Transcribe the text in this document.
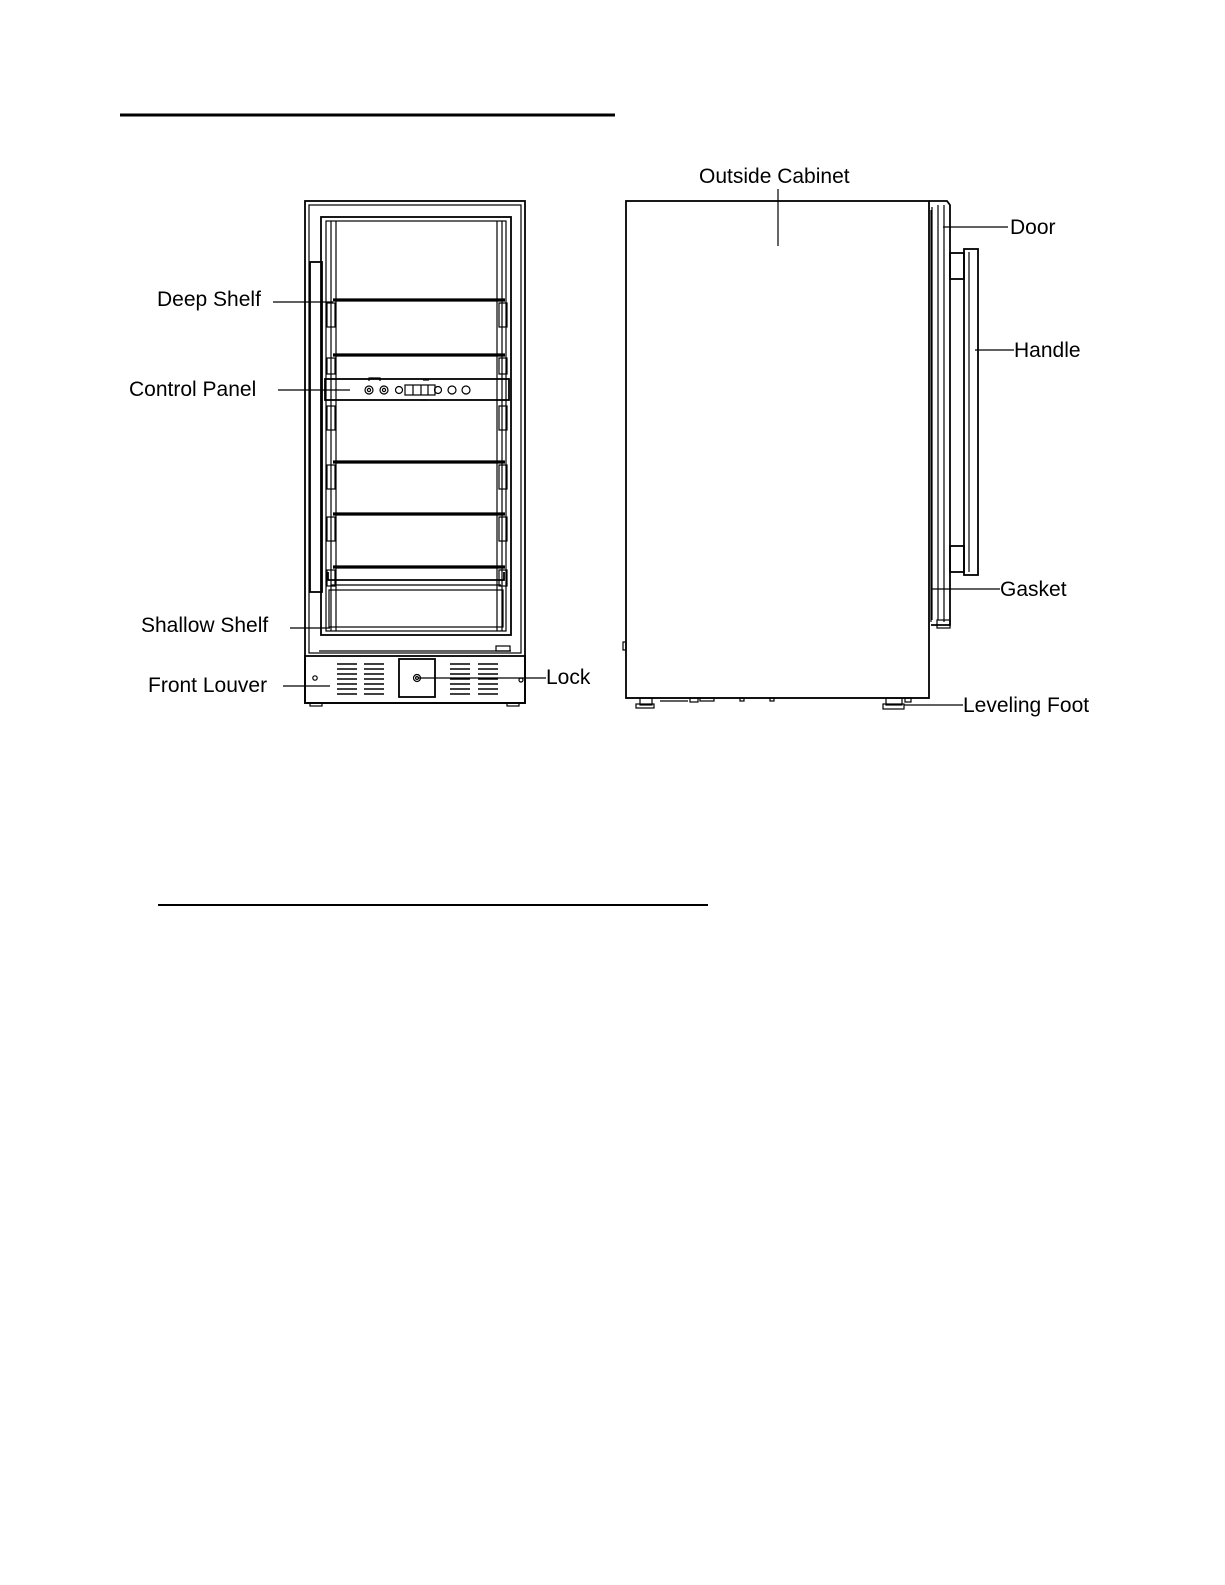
Outside Cabinet
Door
Handle
Gasket
Leveling Foot
Deep Shelf
Control Panel
Shallow Shelf
Front Louver	Lock
